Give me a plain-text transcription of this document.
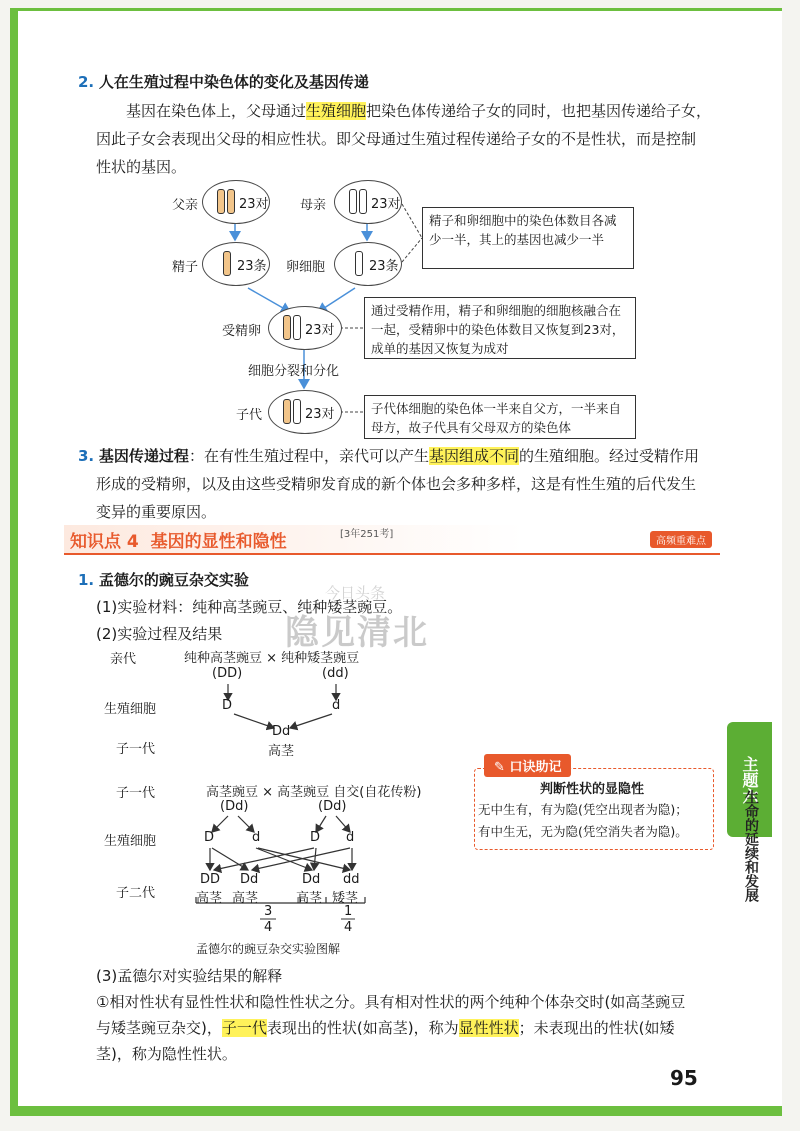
今日头条
隐见清北
2. 人在生殖过程中染色体的变化及基因传递
基因在染色体上，父母通过生殖细胞把染色体传递给子女的同时，也把基因传递给子女，
因此子女会表现出父母的相应性状。即父母通过生殖过程传递给子女的不是性状，而是控制
性状的基因。
父亲	23对 母亲	23对
精子	23条 卵细胞	23条
受精卵	23对
细胞分裂和分化
子代	23对
精子和卵细胞中的染色体数目各减少一半，其上的基因也减少一半
通过受精作用，精子和卵细胞的细胞核融合在一起，受精卵中的染色体数目又恢复到23对，成单的基因又恢复为成对
子代体细胞的染色体一半来自父方，一半来自母方，故子代具有父母双方的染色体
3. 基因传递过程：在有性生殖过程中，亲代可以产生基因组成不同的生殖细胞。经过受精作用
形成的受精卵，以及由这些受精卵发育成的新个体也会多种多样，这是有性生殖的后代发生
变异的重要原因。
知识点 4 基因的显性和隐性	[3年251考]
高频重难点
1. 孟德尔的豌豆杂交实验
(1)实验材料：纯种高茎豌豆、纯种矮茎豌豆。
(2)实验过程及结果
亲代	纯种高茎豌豆 × 纯种矮茎豌豆
(DD)	(dd)
生殖细胞	D	d
Dd
子一代	高茎
子一代	高茎豌豆 × 高茎豌豆 自交(自花传粉)
(Dd)	(Dd)
生殖细胞	D	d	D d
DD Dd	Dd dd
子二代	高茎 高茎	高茎 矮茎
3
4
1
4
孟德尔的豌豆杂交实验图解
✎ 口诀助记
判断性状的显隐性
无中生有，有为隐(凭空出现者为隐)；
有中生无，无为隐(凭空消失者为隐)。
(3)孟德尔对实验结果的解释
①相对性状有显性性状和隐性性状之分。具有相对性状的两个纯种个体杂交时(如高茎豌豆
与矮茎豌豆杂交)，子一代表现出的性状(如高茎)，称为显性性状；未表现出的性状(如矮
茎)，称为隐性性状。
主题六
生命的延续和发展
95
